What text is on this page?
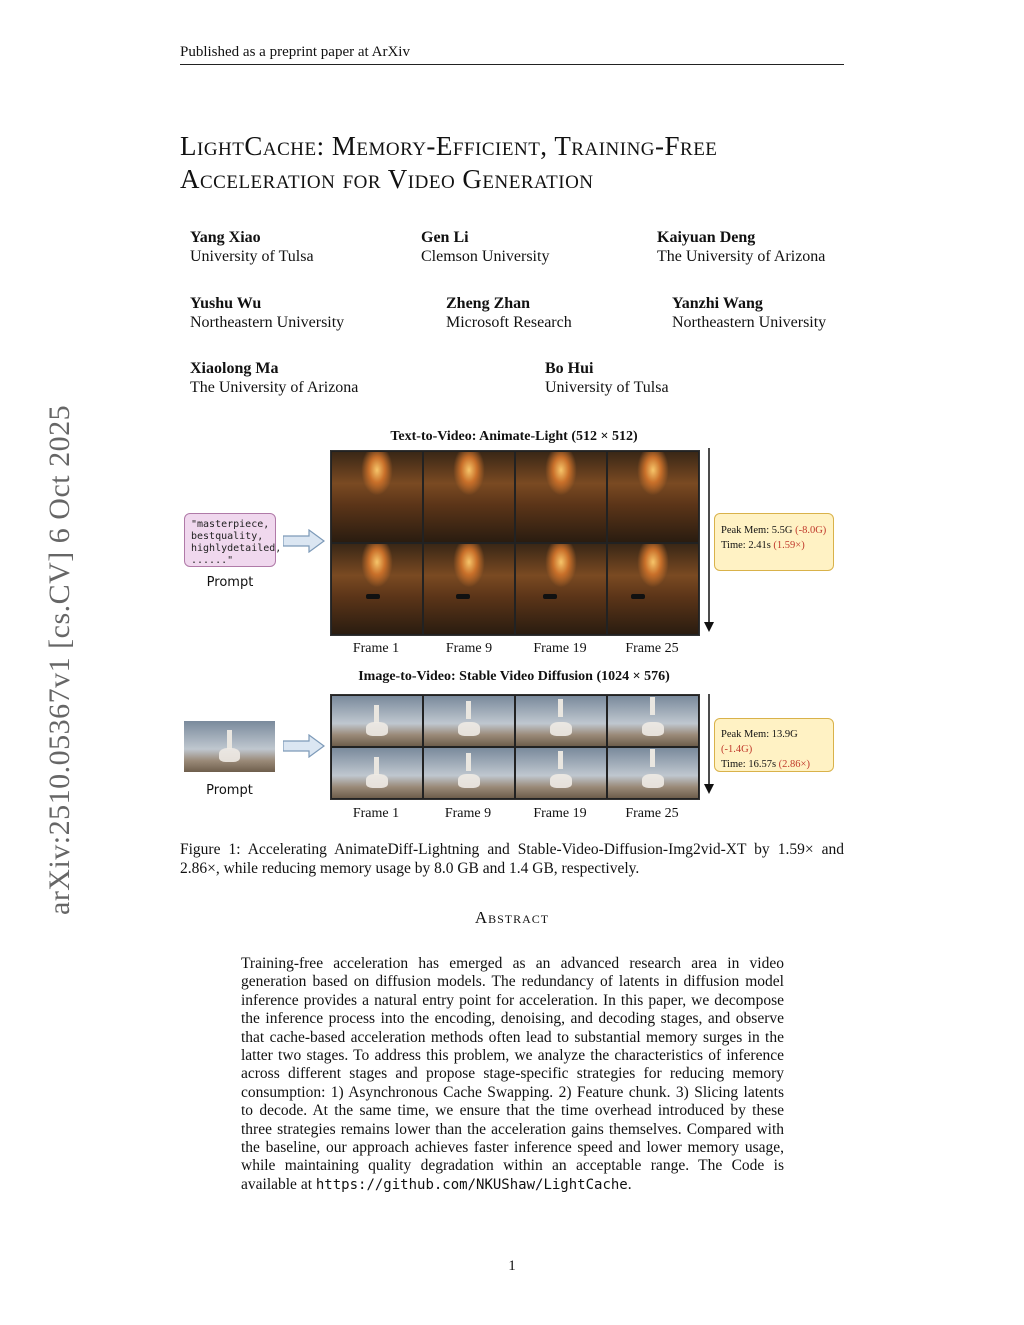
Published as a preprint paper at ArXiv
arXiv:2510.05367v1 [cs.CV] 6 Oct 2025
LightCache: Memory-Efficient, Training-Free
Acceleration for Video Generation
Yang Xiao
University of Tulsa
Gen Li
Clemson University
Kaiyuan Deng
The University of Arizona
Yushu Wu
Northeastern University
Zheng Zhan
Microsoft Research
Yanzhi Wang
Northeastern University
Xiaolong Ma
The University of Arizona
Bo Hui
University of Tulsa
Text-to-Video: Animate-Light (512 × 512)
"masterpiece, bestquality, highlydetailed, ......"
Prompt
Peak Mem: 5.5G (-8.0G)
Time: 2.41s (1.59×)
Frame 1	Frame 9	Frame 19	Frame 25
Image-to-Video: Stable Video Diffusion (1024 × 576)
Prompt
Peak Mem: 13.9G (-1.4G)
Time: 16.57s (2.86×)
Frame 1	Frame 9	Frame 19	Frame 25
Figure 1: Accelerating AnimateDiff-Lightning and Stable-Video-Diffusion-Img2vid-XT by 1.59× and 2.86×, while reducing memory usage by 8.0 GB and 1.4 GB, respectively.
Abstract
Training-free acceleration has emerged as an advanced research area in video generation based on diffusion models. The redundancy of latents in diffusion model inference provides a natural entry point for acceleration. In this paper, we decompose the inference process into the encoding, denoising, and decoding stages, and observe that cache-based acceleration methods often lead to substantial memory surges in the latter two stages. To address this problem, we analyze the characteristics of inference across different stages and propose stage-specific strategies for reducing memory consumption: 1) Asynchronous Cache Swapping. 2) Feature chunk. 3) Slicing latents to decode. At the same time, we ensure that the time overhead introduced by these three strategies remains lower than the acceleration gains themselves. Compared with the baseline, our approach achieves faster inference speed and lower memory usage, while maintaining quality degradation within an acceptable range. The Code is available at https://github.com/NKUShaw/LightCache.
1
